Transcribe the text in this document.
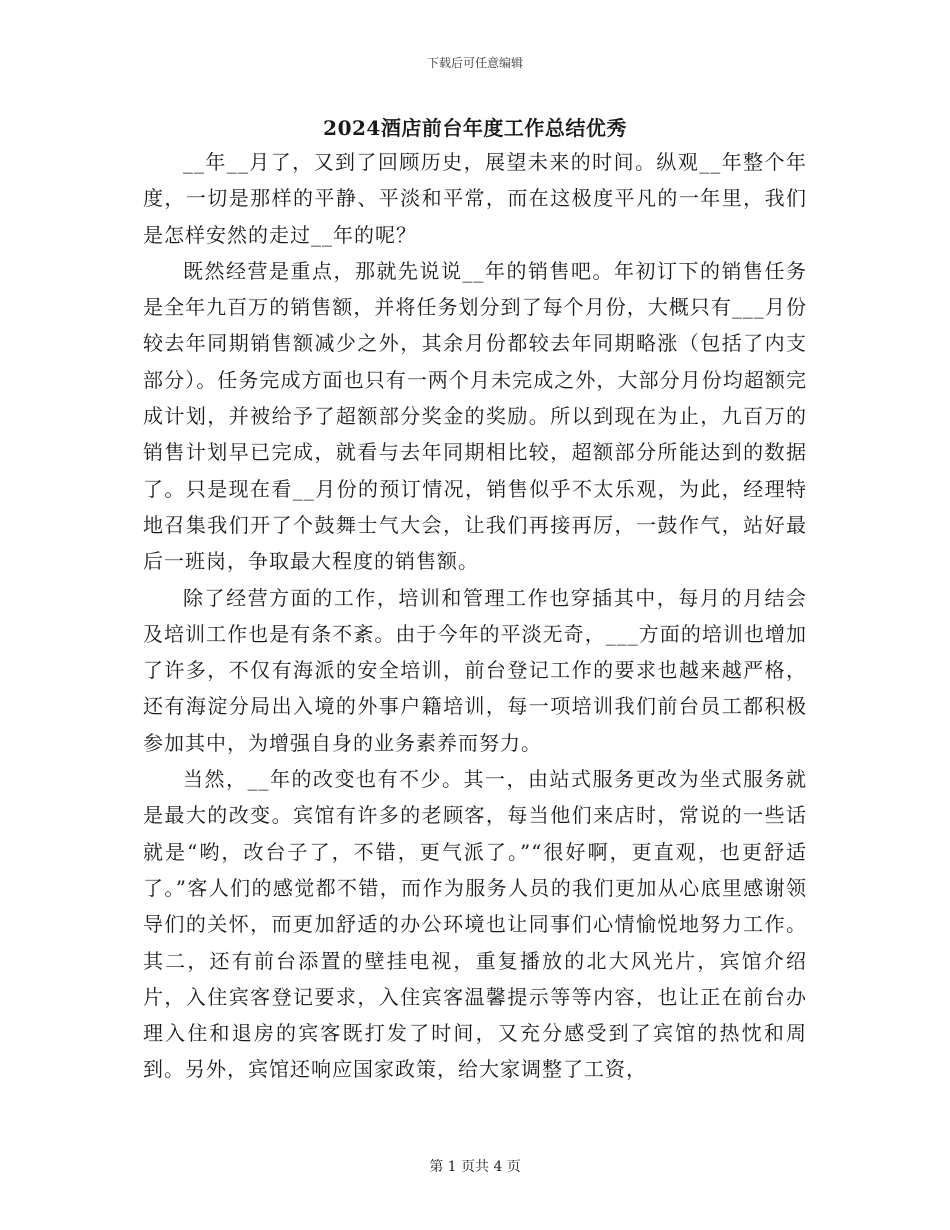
下载后可任意编辑
2024酒店前台年度工作总结优秀

__年__月了，又到了回顾历史，展望未来的时间。纵观__年整个年度，一切是那样的平静、平淡和平常，而在这极度平凡的一年里，我们是怎样安然的走过__年的呢？

既然经营是重点，那就先说说__年的销售吧。年初订下的销售任务是全年九百万的销售额，并将任务划分到了每个月份，大概只有___月份较去年同期销售额减少之外，其余月份都较去年同期略涨（包括了内支部分）。任务完成方面也只有一两个月未完成之外，大部分月份均超额完成计划，并被给予了超额部分奖金的奖励。所以到现在为止，九百万的销售计划早已完成，就看与去年同期相比较，超额部分所能达到的数据了。只是现在看__月份的预订情况，销售似乎不太乐观，为此，经理特地召集我们开了个鼓舞士气大会，让我们再接再厉，一鼓作气，站好最后一班岗，争取最大程度的销售额。

除了经营方面的工作，培训和管理工作也穿插其中，每月的月结会及培训工作也是有条不紊。由于今年的平淡无奇，___方面的培训也增加了许多，不仅有海派的安全培训，前台登记工作的要求也越来越严格，还有海淀分局出入境的外事户籍培训，每一项培训我们前台员工都积极参加其中，为增强自身的业务素养而努力。

当然，__年的改变也有不少。其一，由站式服务更改为坐式服务就是最大的改变。宾馆有许多的老顾客，每当他们来店时，常说的一些话就是“哟，改台子了，不错，更气派了。”“很好啊，更直观，也更舒适了。”客人们的感觉都不错，而作为服务人员的我们更加从心底里感谢领导们的关怀，而更加舒适的办公环境也让同事们心情愉悦地努力工作。其二，还有前台添置的壁挂电视，重复播放的北大风光片，宾馆介绍片，入住宾客登记要求，入住宾客温馨提示等等内容，也让正在前台办理入住和退房的宾客既打发了时间，又充分感受到了宾馆的热忱和周到。另外，宾馆还响应国家政策，给大家调整了工资，

第 1 页共 4 页
